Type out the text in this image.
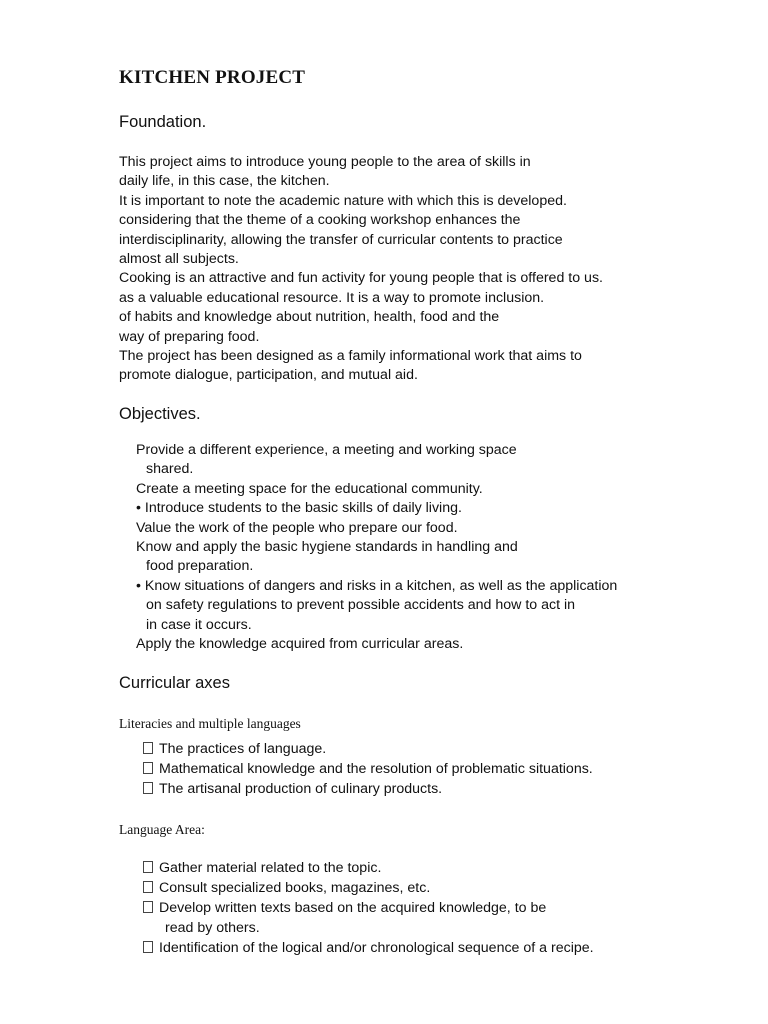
KITCHEN PROJECT
Foundation.
This project aims to introduce young people to the area of skills in
daily life, in this case, the kitchen.
It is important to note the academic nature with which this is developed.
considering that the theme of a cooking workshop enhances the
interdisciplinarity, allowing the transfer of curricular contents to practice
almost all subjects.
Cooking is an attractive and fun activity for young people that is offered to us.
as a valuable educational resource. It is a way to promote inclusion.
of habits and knowledge about nutrition, health, food and the
way of preparing food.
The project has been designed as a family informational work that aims to
promote dialogue, participation, and mutual aid.
Objectives.
Provide a different experience, a meeting and working space
shared.
Create a meeting space for the educational community.
• Introduce students to the basic skills of daily living.
Value the work of the people who prepare our food.
Know and apply the basic hygiene standards in handling and
food preparation.
• Know situations of dangers and risks in a kitchen, as well as the application
on safety regulations to prevent possible accidents and how to act in
in case it occurs.
Apply the knowledge acquired from curricular areas.
Curricular axes
Literacies and multiple languages
The practices of language.
Mathematical knowledge and the resolution of problematic situations.
The artisanal production of culinary products.
Language Area:
Gather material related to the topic.
Consult specialized books, magazines, etc.
Develop written texts based on the acquired knowledge, to be
read by others.
Identification of the logical and/or chronological sequence of a recipe.
